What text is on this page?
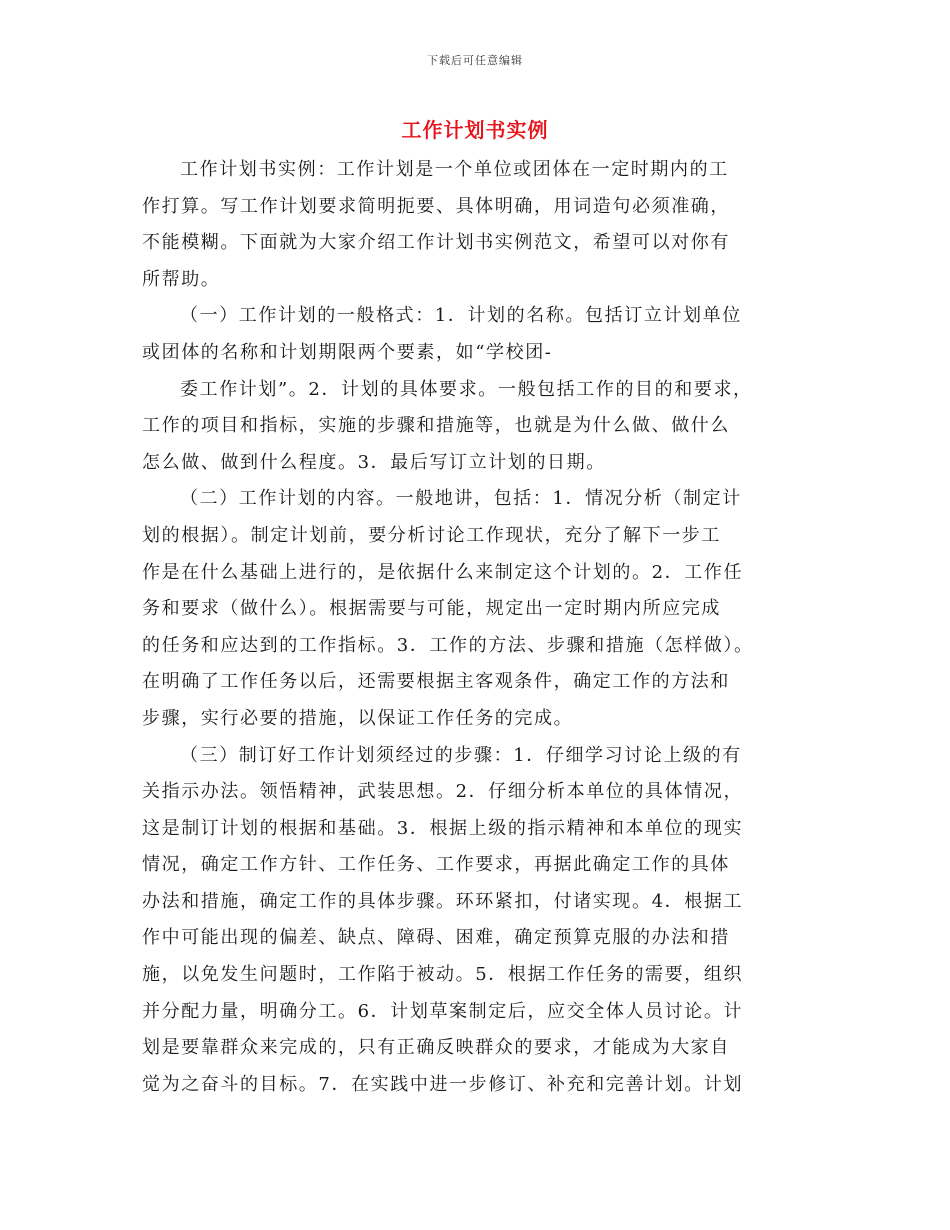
下载后可任意编辑
工作计划书实例
工作计划书实例：工作计划是一个单位或团体在一定时期内的工
作打算。写工作计划要求简明扼要、具体明确，用词造句必须准确，
不能模糊。下面就为大家介绍工作计划书实例范文，希望可以对你有
所帮助。
（一）工作计划的一般格式：1．计划的名称。包括订立计划单位
或团体的名称和计划期限两个要素，如“学校团-
委工作计划”。2．计划的具体要求。一般包括工作的目的和要求，
工作的项目和指标，实施的步骤和措施等，也就是为什么做、做什么
怎么做、做到什么程度。3．最后写订立计划的日期。
（二）工作计划的内容。一般地讲，包括：1．情况分析（制定计
划的根据）。制定计划前，要分析讨论工作现状，充分了解下一步工
作是在什么基础上进行的，是依据什么来制定这个计划的。2．工作任
务和要求（做什么）。根据需要与可能，规定出一定时期内所应完成
的任务和应达到的工作指标。3．工作的方法、步骤和措施（怎样做）。
在明确了工作任务以后，还需要根据主客观条件，确定工作的方法和
步骤，实行必要的措施，以保证工作任务的完成。
（三）制订好工作计划须经过的步骤：1．仔细学习讨论上级的有
关指示办法。领悟精神，武装思想。2．仔细分析本单位的具体情况，
这是制订计划的根据和基础。3．根据上级的指示精神和本单位的现实
情况，确定工作方针、工作任务、工作要求，再据此确定工作的具体
办法和措施，确定工作的具体步骤。环环紧扣，付诸实现。4．根据工
作中可能出现的偏差、缺点、障碍、困难，确定预算克服的办法和措
施，以免发生问题时，工作陷于被动。5．根据工作任务的需要，组织
并分配力量，明确分工。6．计划草案制定后，应交全体人员讨论。计
划是要靠群众来完成的，只有正确反映群众的要求，才能成为大家自
觉为之奋斗的目标。7．在实践中进一步修订、补充和完善计划。计划
